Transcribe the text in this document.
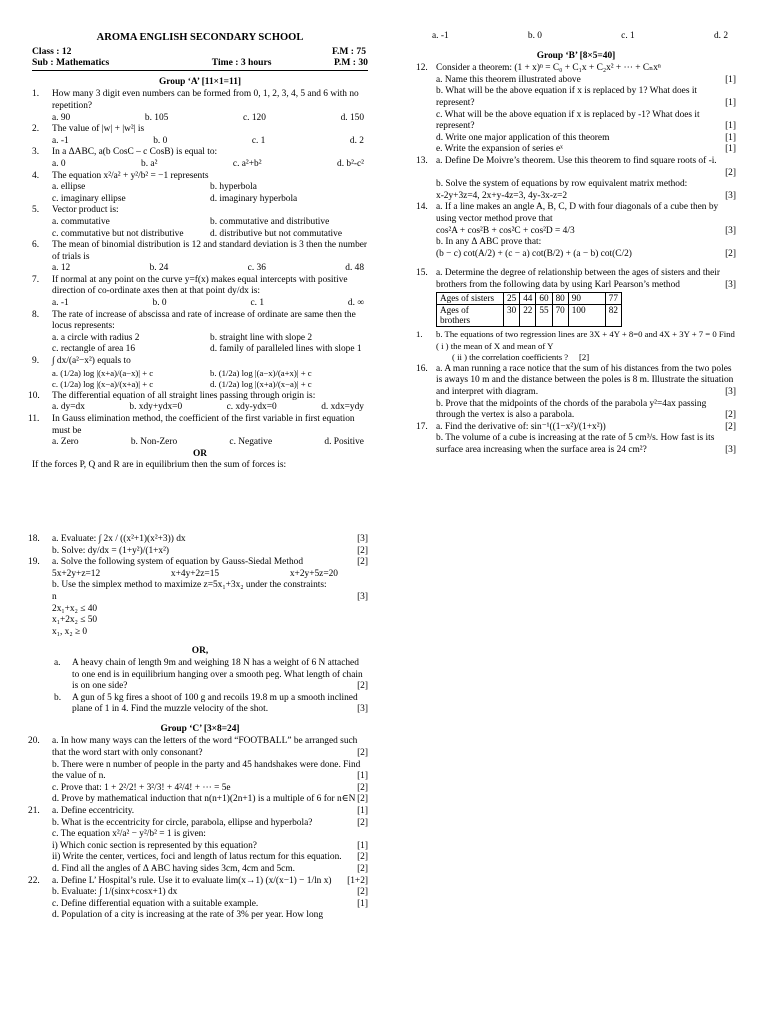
AROMA ENGLISH SECONDARY SCHOOL
Class : 12	F.M : 75
Sub : Mathematics	Time : 3 hours	P.M : 30
Group ‘A’ [11×1=11]
1. How many 3 digit even numbers can be formed from 0, 1, 2, 3, 4, 5 and 6 with no repetition?
a. 90	b. 105	c. 120	d. 150
2. The value of |w| + |w²| is
a. -1	b. 0	c. 1	d. 2
3. In a ΔABC, a(b CosC – c CosB) is equal to:
a. 0	b. a²	c. a²+b²	d. b²-c²
4. The equation x²/a² + y²/b² = −1 represents
a. ellipse	b. hyperbola
c. imaginary ellipse	d. imaginary hyperbola
5. Vector product is:
a. commutative	b. commutative and distributive
c. commutative but not distributive	d. distributive but not commutative
6. The mean of binomial distribution is 12 and standard deviation is 3 then the number of trials is
a. 12	b. 24	c. 36	d. 48
7. If normal at any point on the curve y=f(x) makes equal intercepts with positive direction of co-ordinate axes then at that point dy/dx is:
a. -1	b. 0	c. 1	d. ∞
8. The rate of increase of abscissa and rate of increase of ordinate are same then the locus represents:
a. a circle with radius 2	b. straight line with slope 2
c. rectangle of area 16	d. family of paralleled lines with slope 1
9. ∫ dx/(a²−x²) equals to
a. (1/2a) log |(x+a)/(a−x)| + c	b. (1/2a) log |(a−x)/(a+x)| + c
c. (1/2a) log |(x−a)/(x+a)| + c	d. (1/2a) log |(x+a)/(x−a)| + c
10. The differential equation of all straight lines passing through origin is:
a. dy=dx	b. xdy+ydx=0	c. xdy-ydx=0	d. xdx=ydy
11. In Gauss elimination method, the coefficient of the first variable in first equation must be
a. Zero	b. Non-Zero	c. Negative	d. Positive
OR
If the forces P, Q and R are in equilibrium then the sum of forces is:
18. a. Evaluate: ∫ 2x / ((x²+1)(x²+3)) dx	[3]
b. Solve: dy/dx = (1+y²)/(1+x²)	[2]
19. a. Solve the following system of equation by Gauss-Siedal Method	[2]
5x+2y+z=12	x+4y+2z=15	x+2y+5z=20
b. Use the simplex method to maximize z=5x₁+3x₂ under the constraints:
n	[3]
2x₁+x₂ ≤ 40
x₁+2x₂ ≤ 50
x₁, x₂ ≥ 0
OR,
a. A heavy chain of length 9m and weighing 18 N has a weight of 6 N attached to one end is in equilibrium hanging over a smooth peg. What length of chain is on one side?	[2]
b. A gun of 5 kg fires a shoot of 100 g and recoils 19.8 m up a smooth inclined plane of 1 in 4. Find the muzzle velocity of the shot.	[3]
Group ‘C’ [3×8=24]
20. a. In how many ways can the letters of the word “FOOTBALL” be arranged such that the word start with only consonant?	[2]
b. There were n number of people in the party and 45 handshakes were done. Find the value of n.	[1]
c. Prove that: 1 + 2²/2! + 3²/3! + 4²/4! + ⋯ = 5e	[2]
d. Prove by mathematical induction that n(n+1)(2n+1) is a multiple of 6 for n∈N [2]
21. a. Define eccentricity.	[1]
b. What is the eccentricity for circle, parabola, ellipse and hyperbola?	[2]
c. The equation x²/a² − y²/b² = 1 is given:
i) Which conic section is represented by this equation?	[1]
ii) Write the center, vertices, foci and length of latus rectum for this equation. [2]
d. Find all the angles of Δ ABC having sides 3cm, 4cm and 5cm.	[2]
22. a. Define L’ Hospital’s rule. Use it to evaluate lim(x→1) (x/(x−1) − 1/ln x) [1+2]
b. Evaluate: ∫ 1/(sinx+cosx+1) dx	[2]
c. Define differential equation with a suitable example.	[1]
d. Population of a city is increasing at the rate of 3% per year. How long
a. -1	b. 0	c. 1	d. 2
Group ‘B’ [8×5=40]
12. Consider a theorem: (1 + x)ⁿ = C₀ + C₁x + C₂x² + ⋯ + Cₙxⁿ
a. Name this theorem illustrated above	[1]
b. What will be the above equation if x is replaced by 1? What does it represent?	[1]
c. What will be the above equation if x is replaced by -1? What does it represent?	[1]
d. Write one major application of this theorem	[1]
e. Write the expansion of series eˣ	[1]
13. a. Define De Moivre’s theorem. Use this theorem to find square roots of -i.

[2]
b. Solve the system of equations by row equivalent matrix method:
x-2y+3z=4, 2x+y-4z=3, 4y-3x-z=2	[3]
14. a. If a line makes an angle A, B, C, D with four diagonals of a cube then by using vector method prove that
cos²A + cos²B + cos²C + cos²D = 4/3	[3]
b. In any Δ ABC prove that:
(b − c) cot(A/2) + (c − a) cot(B/2) + (a − b) cot(C/2)	[2]
15. a. Determine the degree of relationship between the ages of sisters and their brothers from the following data by using Karl Pearson’s method	[3]
Ages of sisters	25	44	60	80	90	77
Ages of brothers	30	22	55	70	100	82
1. b. The equations of two regression lines are 3X + 4Y + 8=0 and 4X + 3Y + 7 = 0 Find ( i ) the mean of X and mean of Y
( ii ) the correlation coefficients ? [2]
16. a. A man running a race notice that the sum of his distances from the two poles is aways 10 m and the distance between the poles is 8 m. Illustrate the situation and interpret with diagram.	[3]
b. Prove that the midpoints of the chords of the parabola y²=4ax passing through the vertex is also a parabola.	[2]
17. a. Find the derivative of: sin⁻¹((1−x²)/(1+x²))	[2]
b. The volume of a cube is increasing at the rate of 5 cm³/s. How fast is its surface area increasing when the surface area is 24 cm²?	[3]
